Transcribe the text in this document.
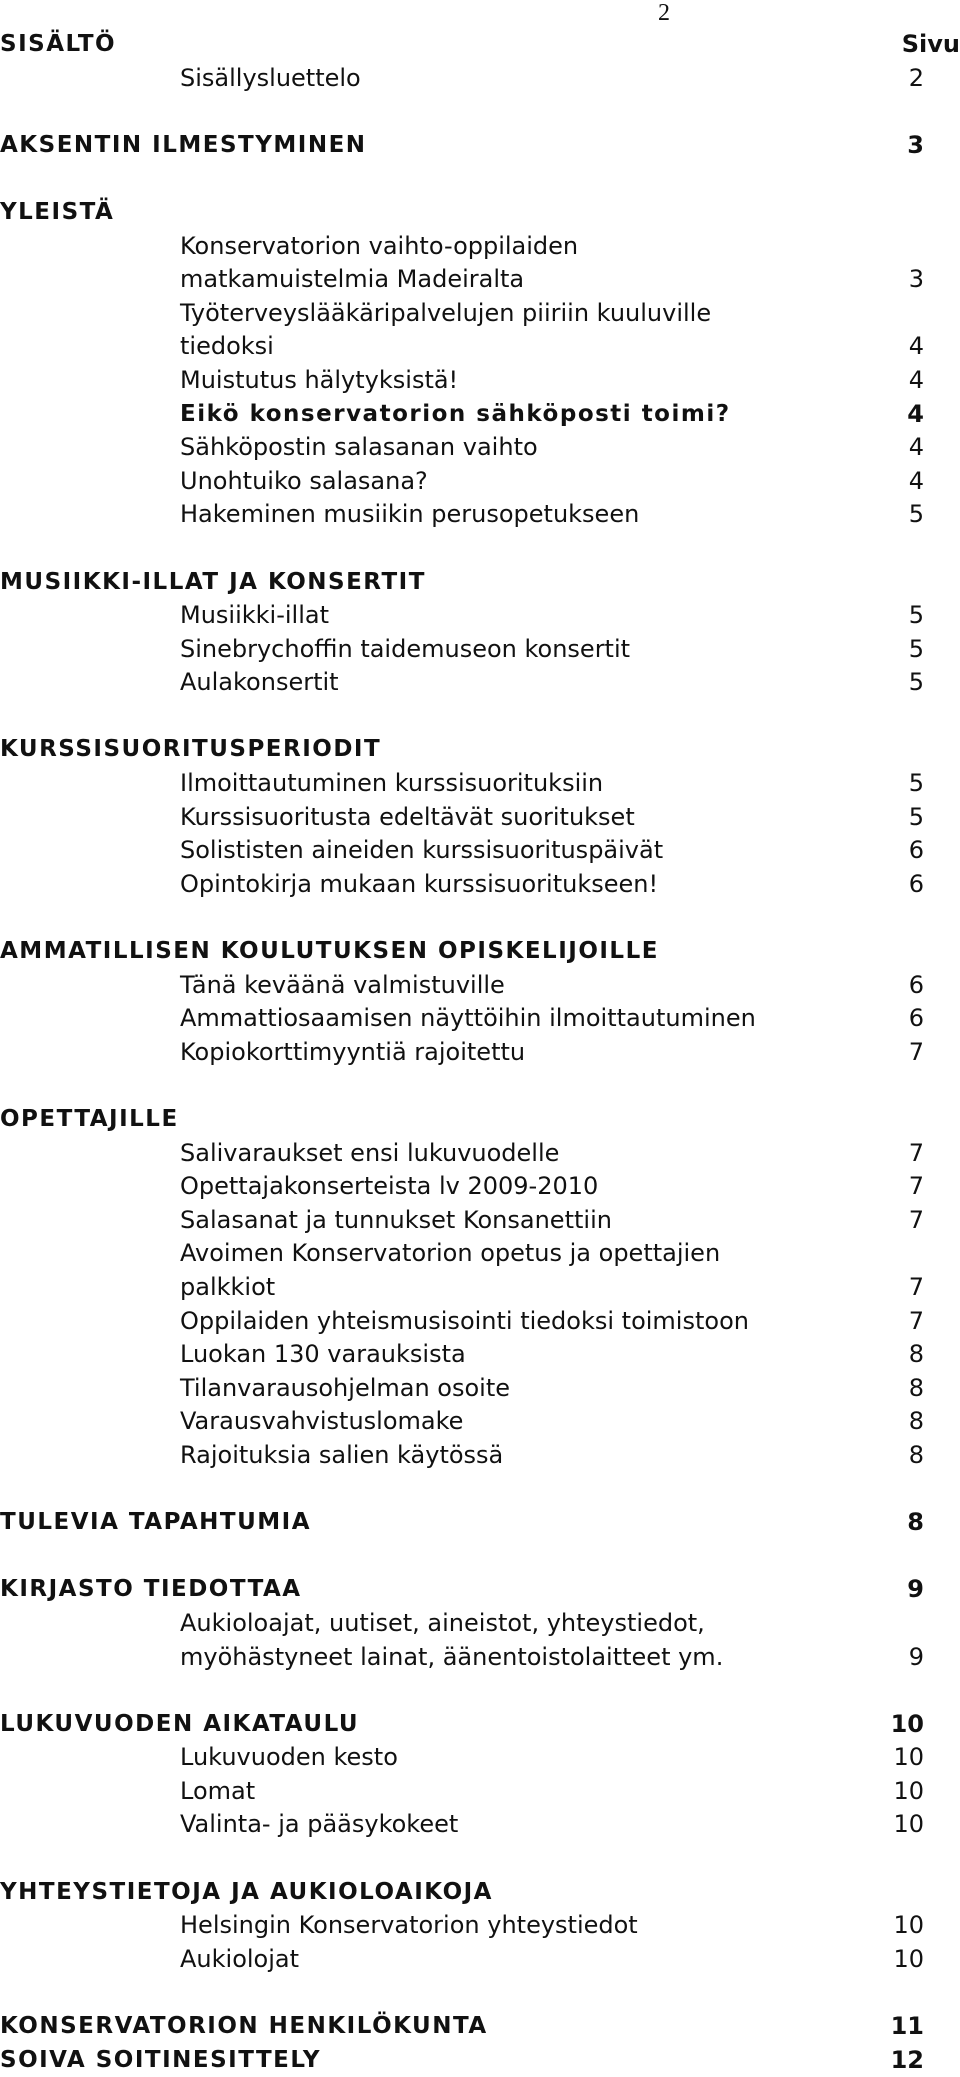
2
SISÄLTÖ	Sivu
Sisällysluettelo	2
AKSENTIN ILMESTYMINEN	3
YLEISTÄ
Konservatorion vaihto-oppilaiden
matkamuistelmia Madeiralta	3
Työterveyslääkäripalvelujen piiriin kuuluville
tiedoksi	4
Muistutus hälytyksistä!	4
Eikö konservatorion sähköposti toimi?	4
Sähköpostin salasanan vaihto	4
Unohtuiko salasana?	4
Hakeminen musiikin perusopetukseen	5
MUSIIKKI-ILLAT JA KONSERTIT
Musiikki-illat	5
Sinebrychoffin taidemuseon konsertit	5
Aulakonsertit	5
KURSSISUORITUSPERIODIT
Ilmoittautuminen kurssisuorituksiin	5
Kurssisuoritusta edeltävät suoritukset	5
Solististen aineiden kurssisuorituspäivät	6
Opintokirja mukaan kurssisuoritukseen!	6
AMMATILLISEN KOULUTUKSEN OPISKELIJOILLE
Tänä keväänä valmistuville	6
Ammattiosaamisen näyttöihin ilmoittautuminen	6
Kopiokorttimyyntiä rajoitettu	7
OPETTAJILLE
Salivaraukset ensi lukuvuodelle	7
Opettajakonserteista lv 2009-2010	7
Salasanat ja tunnukset Konsanettiin	7
Avoimen Konservatorion opetus ja opettajien
palkkiot	7
Oppilaiden yhteismusisointi tiedoksi toimistoon	7
Luokan 130 varauksista	8
Tilanvarausohjelman osoite	8
Varausvahvistuslomake	8
Rajoituksia salien käytössä	8
TULEVIA TAPAHTUMIA	8
KIRJASTO TIEDOTTAA	9
Aukioloajat, uutiset, aineistot, yhteystiedot,
myöhästyneet lainat, äänentoistolaitteet ym.	9
LUKUVUODEN AIKATAULU	10
Lukuvuoden kesto	10
Lomat	10
Valinta- ja pääsykokeet	10
YHTEYSTIETOJA JA AUKIOLOAIKOJA
Helsingin Konservatorion yhteystiedot	10
Aukiolojat	10
KONSERVATORION HENKILÖKUNTA	11
SOIVA SOITINESITTELY	12
